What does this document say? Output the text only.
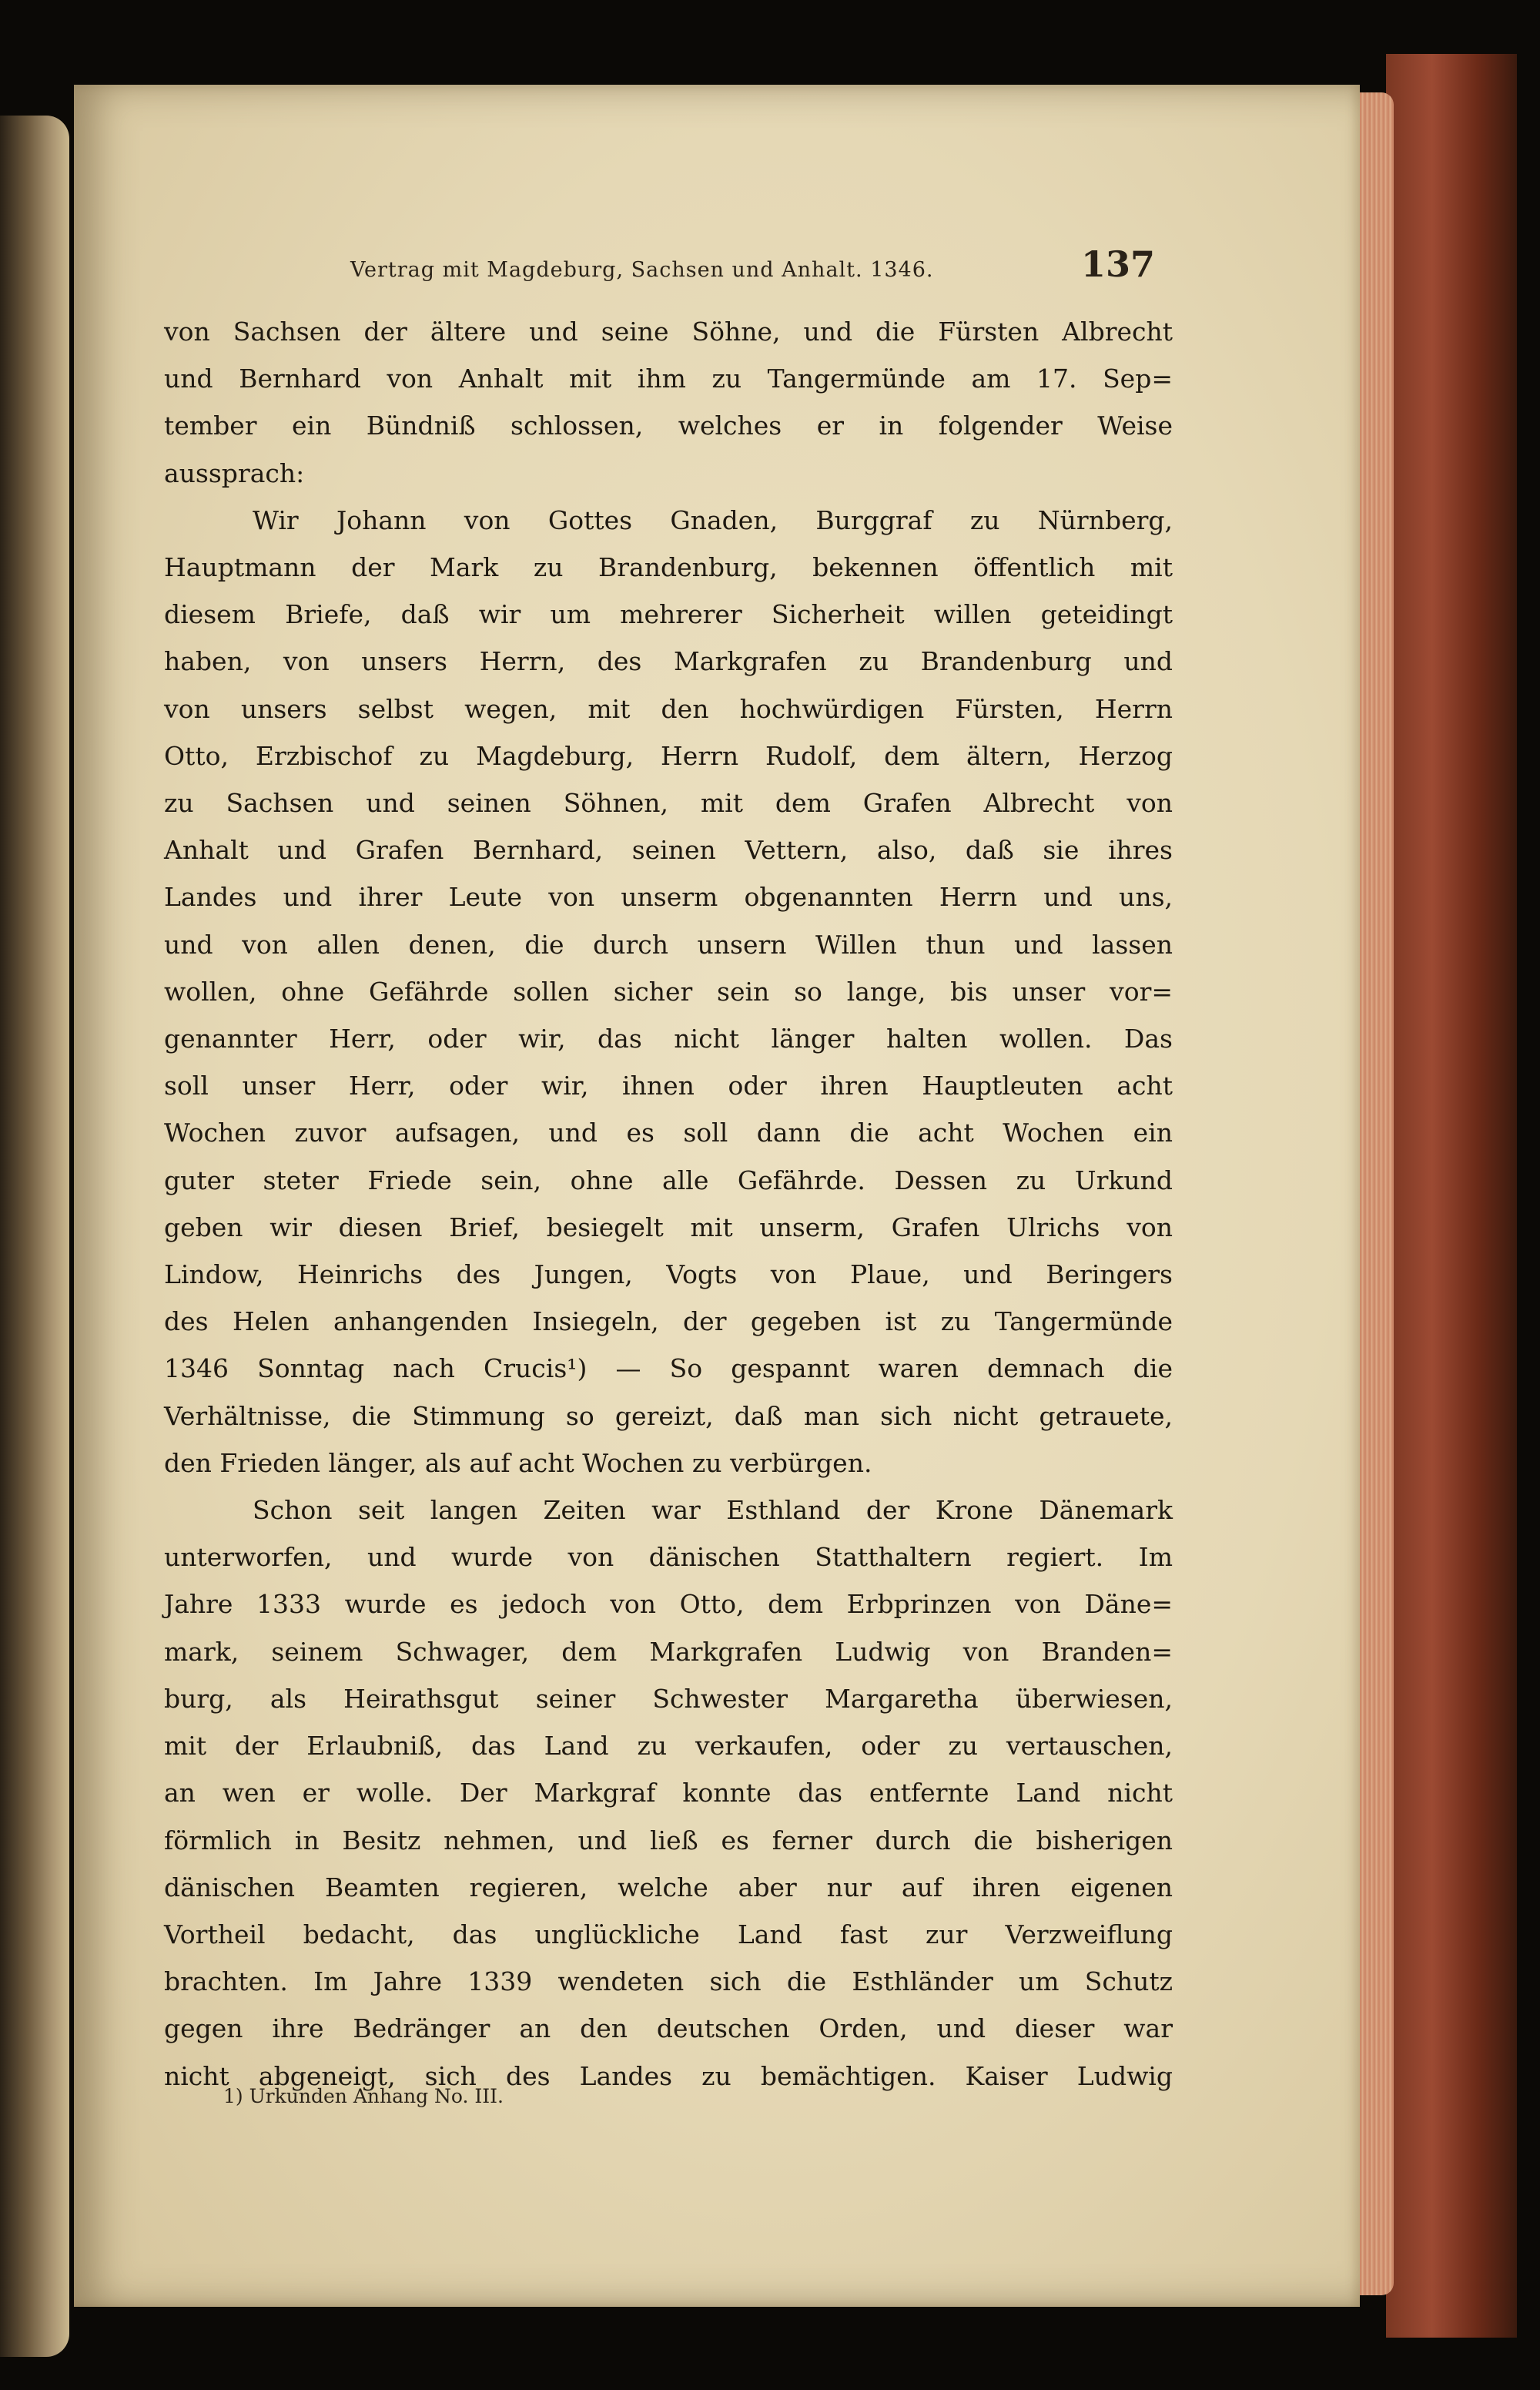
Vertrag mit Magdeburg, Sachsen und Anhalt. 1346.	137
von Sachsen der ältere und seine Söhne, und die Fürsten Albrecht
und Bernhard von Anhalt mit ihm zu Tangermünde am 17. Sep=
tember ein Bündniß schlossen, welches er in folgender Weise
aussprach:
Wir Johann von Gottes Gnaden, Burggraf zu Nürnberg,
Hauptmann der Mark zu Brandenburg, bekennen öffentlich mit
diesem Briefe, daß wir um mehrerer Sicherheit willen geteidingt
haben, von unsers Herrn, des Markgrafen zu Brandenburg und
von unsers selbst wegen, mit den hochwürdigen Fürsten, Herrn
Otto, Erzbischof zu Magdeburg, Herrn Rudolf, dem ältern, Herzog
zu Sachsen und seinen Söhnen, mit dem Grafen Albrecht von
Anhalt und Grafen Bernhard, seinen Vettern, also, daß sie ihres
Landes und ihrer Leute von unserm obgenannten Herrn und uns,
und von allen denen, die durch unsern Willen thun und lassen
wollen, ohne Gefährde sollen sicher sein so lange, bis unser vor=
genannter Herr, oder wir, das nicht länger halten wollen. Das
soll unser Herr, oder wir, ihnen oder ihren Hauptleuten acht
Wochen zuvor aufsagen, und es soll dann die acht Wochen ein
guter steter Friede sein, ohne alle Gefährde. Dessen zu Urkund
geben wir diesen Brief, besiegelt mit unserm, Grafen Ulrichs von
Lindow, Heinrichs des Jungen, Vogts von Plaue, und Beringers
des Helen anhangenden Insiegeln, der gegeben ist zu Tangermünde
1346 Sonntag nach Crucis¹) — So gespannt waren demnach die
Verhältnisse, die Stimmung so gereizt, daß man sich nicht getrauete,
den Frieden länger, als auf acht Wochen zu verbürgen.
Schon seit langen Zeiten war Esthland der Krone Dänemark
unterworfen, und wurde von dänischen Statthaltern regiert. Im
Jahre 1333 wurde es jedoch von Otto, dem Erbprinzen von Däne=
mark, seinem Schwager, dem Markgrafen Ludwig von Branden=
burg, als Heirathsgut seiner Schwester Margaretha überwiesen,
mit der Erlaubniß, das Land zu verkaufen, oder zu vertauschen,
an wen er wolle. Der Markgraf konnte das entfernte Land nicht
förmlich in Besitz nehmen, und ließ es ferner durch die bisherigen
dänischen Beamten regieren, welche aber nur auf ihren eigenen
Vortheil bedacht, das unglückliche Land fast zur Verzweiflung
brachten. Im Jahre 1339 wendeten sich die Esthländer um Schutz
gegen ihre Bedränger an den deutschen Orden, und dieser war
nicht abgeneigt, sich des Landes zu bemächtigen. Kaiser Ludwig
1) Urkunden Anhang No. III.
